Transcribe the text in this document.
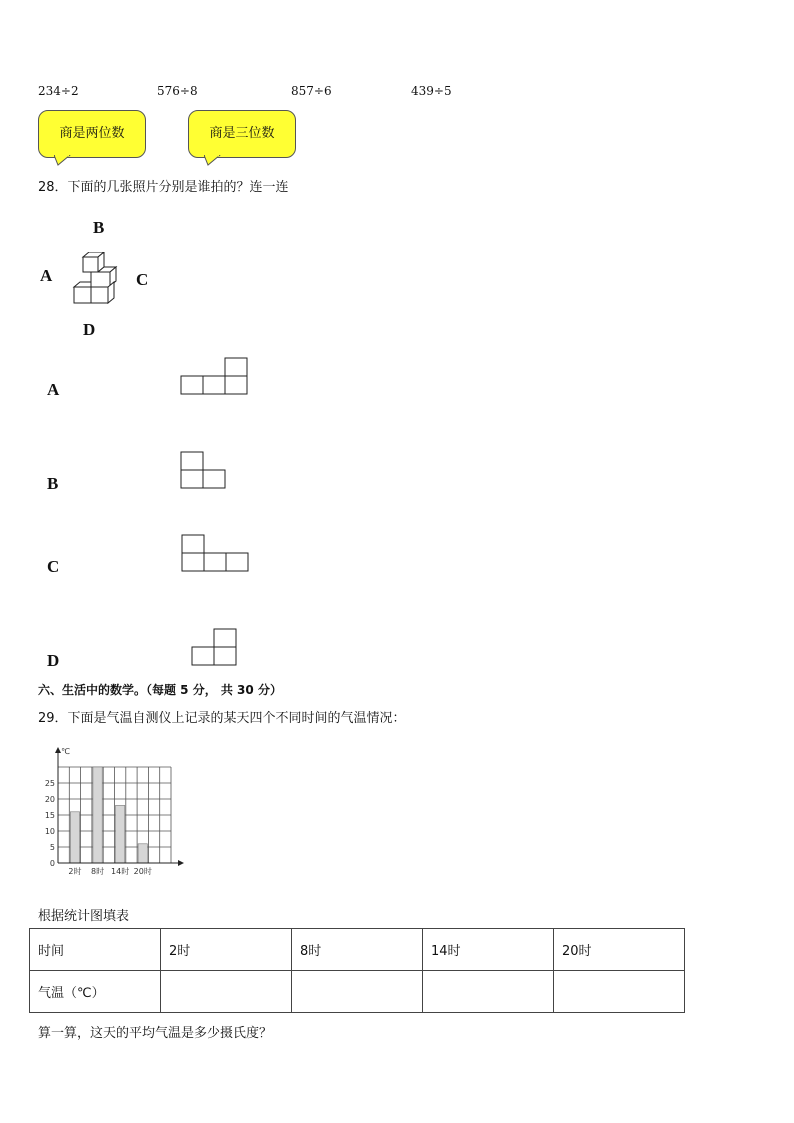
234÷2	576÷8	857÷6	439÷5
商是两位数	商是三位数
28．下面的几张照片分别是谁拍的？连一连
B
A	C
D
A
B
C
D
六、生活中的数学。（每题 5 分， 共 30 分）
29．下面是气温自测仪上记录的某天四个不同时间的气温情况：
℃
0
5
10
15
20
25
2时 8时 14时 20时
根据统计图填表
时间	2时	8时	14时	20时
气温（℃）				
算一算，这天的平均气温是多少摄氏度？
